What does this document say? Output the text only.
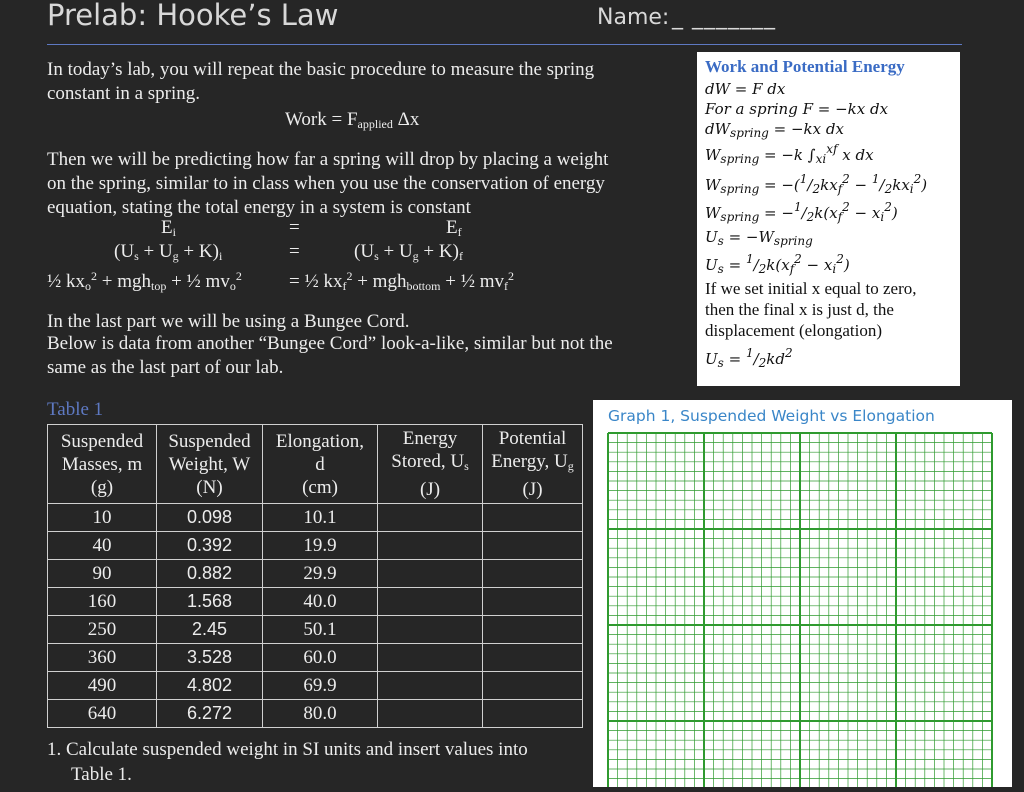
Prelab: Hooke’s Law	Name: _ _______
In today’s lab, you will repeat the basic procedure to measure the spring
constant in a spring.
Work = $F_{applied}$ Δx
Then we will be predicting how far a spring will drop by placing a weight
on the spring, similar to in class when you use the conservation of energy
equation, stating the total energy in a system is constant
$E_i$	=	$E_f$
$(U_s + U_g + K)_i$	=	$(U_s + U_g + K)_f$
½ $kx_o^2 + mgh_{top}$ + ½ $mv_o^2$ = ½ $kx_f^2 + mgh_{bottom}$ + ½ $mv_f^2$
In the last part we will be using a Bungee Cord.
Below is data from another “Bungee Cord” look-a-like, similar but not the
same as the last part of our lab.
Work and Potential Energy
dW = F dx
For a spring F = −kx dx
$dW_{spring} = -kx$ dx
$W_{spring} = -k$ $\int_{xi}^{xf}$ x dx
$W_{spring} = -(^1/_2kx_f^2 - ^1/_2kx_i^2)$
$W_{spring} = -^1/_2k(x_f^2 - x_i^2)$
$U_s = -W_{spring}$
$U_s = ^1/_2k(x_f^2 - x_i^2)$
If we set initial x equal to zero,
then the final x is just d, the
displacement (elongation)
$U_s = ^1/_2kd^2$
Graph 1, Suspended Weight vs Elongation
Table 1
Suspended
Masses, m
(g)	Suspended
Weight, W
(N)	Elongation,
d
(cm)	Energy
Stored, $U_s$
(J)	Potential
Energy, $U_g$
(J)
10	0.098	10.1		
40	0.392	19.9		
90	0.882	29.9		
160	1.568	40.0		
250	2.45	50.1		
360	3.528	60.0		
490	4.802	69.9		
640	6.272	80.0		
1. Calculate suspended weight in SI units and insert values into
Table 1.
